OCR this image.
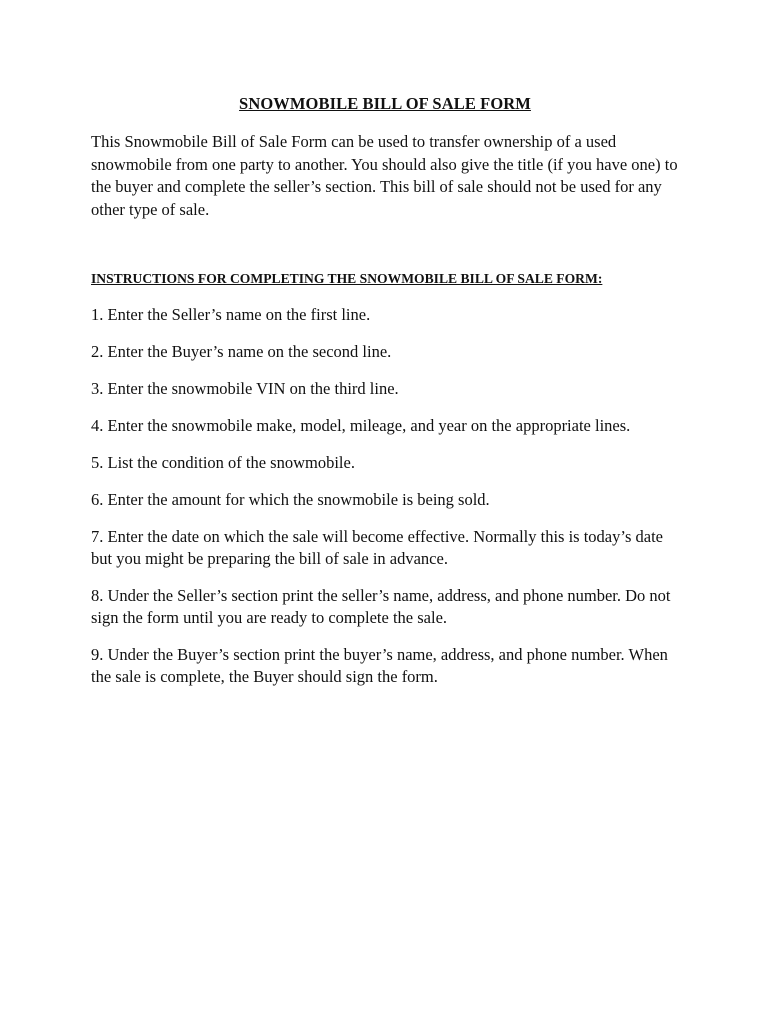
SNOWMOBILE BILL OF SALE FORM

This Snowmobile Bill of Sale Form can be used to transfer ownership of a used snowmobile from one party to another. You should also give the title (if you have one) to the buyer and complete the seller’s section. This bill of sale should not be used for any other type of sale.

INSTRUCTIONS FOR COMPLETING THE SNOWMOBILE BILL OF SALE FORM:
1. Enter the Seller’s name on the first line.
2. Enter the Buyer’s name on the second line.
3. Enter the snowmobile VIN on the third line.
4. Enter the snowmobile make, model, mileage, and year on the appropriate lines.
5. List the condition of the snowmobile.
6. Enter the amount for which the snowmobile is being sold.
7. Enter the date on which the sale will become effective. Normally this is today’s date but you might be preparing the bill of sale in advance.
8. Under the Seller’s section print the seller’s name, address, and phone number. Do not sign the form until you are ready to complete the sale.
9. Under the Buyer’s section print the buyer’s name, address, and phone number. When the sale is complete, the Buyer should sign the form.
